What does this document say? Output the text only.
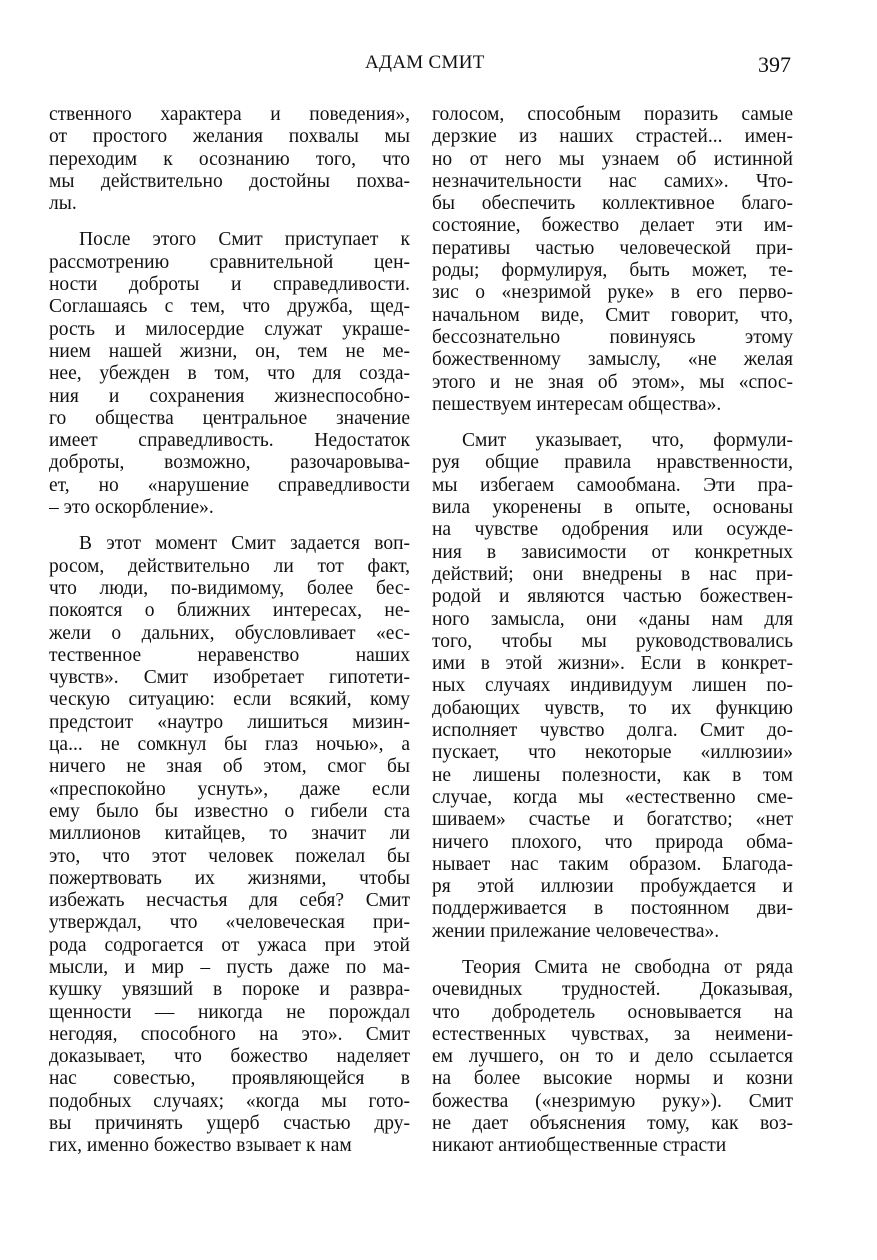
АДАМ СМИТ	397

ственного характера и поведения»,
от простого желания похвалы мы
переходим к осознанию того, что
мы действительно достойны похва-
лы.

После этого Смит приступает к
рассмотрению сравнительной цен-
ности доброты и справедливости.
Соглашаясь с тем, что дружба, щед-
рость и милосердие служат украше-
нием нашей жизни, он, тем не ме-
нее, убежден в том, что для созда-
ния и сохранения жизнеспособно-
го общества центральное значение
имеет справедливость. Недостаток
доброты, возможно, разочаровыва-
ет, но «нарушение справедливости
– это оскорбление».

В этот момент Смит задается воп-
росом, действительно ли тот факт,
что люди, по-видимому, более бес-
покоятся о ближних интересах, не-
жели о дальних, обусловливает «ес-
тественное неравенство наших
чувств». Смит изобретает гипотети-
ческую ситуацию: если всякий, кому
предстоит «наутро лишиться мизин-
ца... не сомкнул бы глаз ночью», а
ничего не зная об этом, смог бы
«преспокойно уснуть», даже если
ему было бы известно о гибели ста
миллионов китайцев, то значит ли
это, что этот человек пожелал бы
пожертвовать их жизнями, чтобы
избежать несчастья для себя? Смит
утверждал, что «человеческая при-
рода содрогается от ужаса при этой
мысли, и мир – пусть даже по ма-
кушку увязший в пороке и развра-
щенности — никогда не порождал
негодяя, способного на это». Смит
доказывает, что божество наделяет
нас совестью, проявляющейся в
подобных случаях; «когда мы гото-
вы причинять ущерб счастью дру-
гих, именно божество взывает к нам

голосом, способным поразить самые
дерзкие из наших страстей... имен-
но от него мы узнаем об истинной
незначительности нас самих». Что-
бы обеспечить коллективное благо-
состояние, божество делает эти им-
перативы частью человеческой при-
роды; формулируя, быть может, те-
зис о «незримой руке» в его перво-
начальном виде, Смит говорит, что,
бессознательно повинуясь этому
божественному замыслу, «не желая
этого и не зная об этом», мы «спос-
пешествуем интересам общества».

Смит указывает, что, формули-
руя общие правила нравственности,
мы избегаем самообмана. Эти пра-
вила укоренены в опыте, основаны
на чувстве одобрения или осужде-
ния в зависимости от конкретных
действий; они внедрены в нас при-
родой и являются частью божествен-
ного замысла, они «даны нам для
того, чтобы мы руководствовались
ими в этой жизни». Если в конкрет-
ных случаях индивидуум лишен по-
добающих чувств, то их функцию
исполняет чувство долга. Смит до-
пускает, что некоторые «иллюзии»
не лишены полезности, как в том
случае, когда мы «естественно сме-
шиваем» счастье и богатство; «нет
ничего плохого, что природа обма-
нывает нас таким образом. Благода-
ря этой иллюзии пробуждается и
поддерживается в постоянном дви-
жении прилежание человечества».

Теория Смита не свободна от ряда
очевидных трудностей. Доказывая,
что добродетель основывается на
естественных чувствах, за неимени-
ем лучшего, он то и дело ссылается
на более высокие нормы и козни
божества («незримую руку»). Смит
не дает объяснения тому, как воз-
никают антиобщественные страсти
